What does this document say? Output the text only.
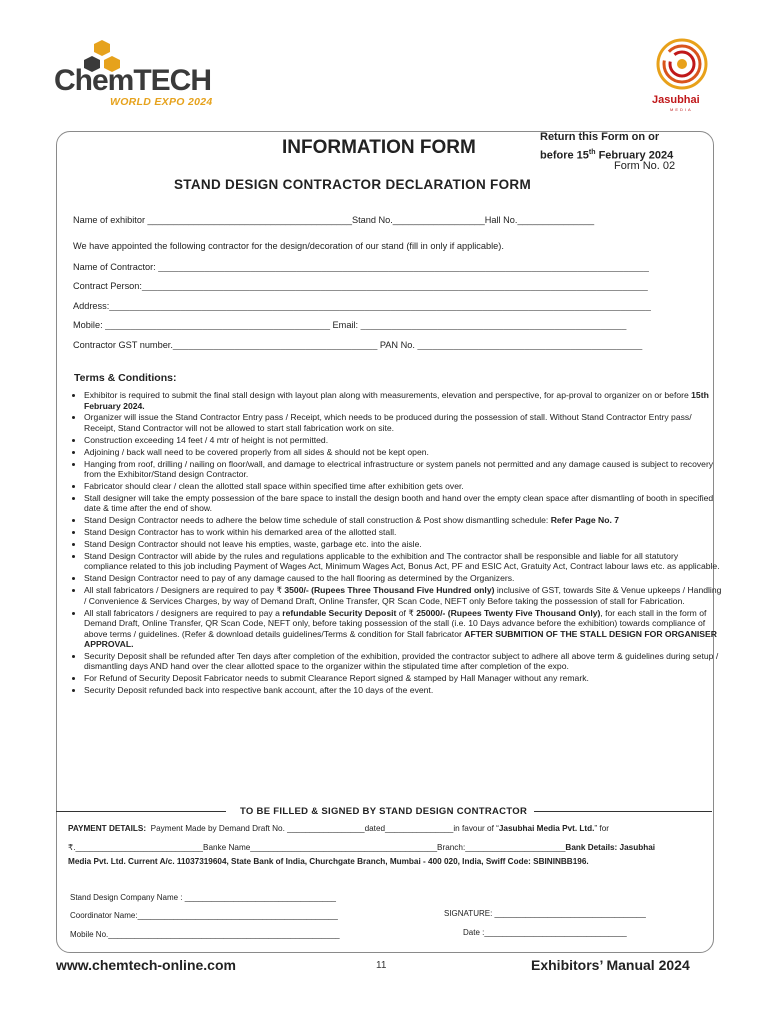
ChemTECH
WORLD EXPO 2024	Jasubhai
MEDIA
INFORMATION FORM	Return this Form on or
before 15th February 2024
Form No. 02
STAND DESIGN CONTRACTOR DECLARATION FORM
Name of exhibitor ________________________________________Stand No.__________________Hall No._______________
We have appointed the following contractor for the design/decoration of our stand (fill in only if applicable).
Name of Contractor: ________________________________________________________________________________________________
Contract Person:___________________________________________________________________________________________________
Address:__________________________________________________________________________________________________________
Mobile: ____________________________________________ Email: ____________________________________________________
Contractor GST number.________________________________________ PAN No. ____________________________________________
Terms & Conditions:
• Exhibitor is required to submit the final stall design with layout plan along with measurements, elevation and perspective, for ap-proval to organizer on or before 15th February 2024.
• Organizer will issue the Stand Contractor Entry pass / Receipt, which needs to be produced during the possession of stall. Without Stand Contractor Entry pass/ Receipt, Stand Contractor will not be allowed to start stall fabrication work on site.
• Construction exceeding 14 feet / 4 mtr of height is not permitted.
• Adjoining / back wall need to be covered properly from all sides & should not be kept open.
• Hanging from roof, drilling / nailing on floor/wall, and damage to electrical infrastructure or system panels not permitted and any damage caused is subject to recovery from the Exhibitor/Stand design Contractor.
• Fabricator should clear / clean the allotted stall space within specified time after exhibition gets over.
• Stall designer will take the empty possession of the bare space to install the design booth and hand over the empty clean space after dismantling of booth in specified date & time after the end of show.
• Stand Design Contractor needs to adhere the below time schedule of stall construction & Post show dismantling schedule: Refer Page No. 7
• Stand Design Contractor has to work within his demarked area of the allotted stall.
• Stand Design Contractor should not leave his empties, waste, garbage etc. into the aisle.
• Stand Design Contractor will abide by the rules and regulations applicable to the exhibition and The contractor shall be responsible and liable for all statutory compliance related to this job including Payment of Wages Act, Minimum Wages Act, Bonus Act, PF and ESIC Act, Gratuity Act, Contract labour laws etc. as applicable.
• Stand Design Contractor need to pay of any damage caused to the hall flooring as determined by the Organizers.
• All stall fabricators / Designers are required to pay ₹ 3500/- (Rupees Three Thousand Five Hundred only) inclusive of GST, towards Site & Venue upkeeps / Handling / Convenience & Services Charges, by way of Demand Draft, Online Transfer, QR Scan Code, NEFT only Before taking the possession of stall for Fabrication.
• All stall fabricators / designers are required to pay a refundable Security Deposit of ₹ 25000/- (Rupees Twenty Five Thousand Only), for each stall in the form of Demand Draft, Online Transfer, QR Scan Code, NEFT only, before taking possession of the stall (i.e. 10 Days advance before the exhibition) towards compliance of above terms / guidelines. (Refer & download details guidelines/Terms & condition for Stall fabricator AFTER SUBMITION OF THE STALL DESIGN FOR ORGANISER APPROVAL.
• Security Deposit shall be refunded after Ten days after completion of the exhibition, provided the contractor subject to adhere all above term & guidelines during setup / dismantling days AND hand over the clear allotted space to the organizer within the stipulated time after completion of the expo.
• For Refund of Security Deposit Fabricator needs to submit Clearance Report signed & stamped by Hall Manager without any remark.
• Security Deposit refunded back into respective bank account, after the 10 days of the event.
TO BE FILLED & SIGNED BY STAND DESIGN CONTRACTOR
PAYMENT DETAILS:  Payment Made by Demand Draft No. _________________dated_______________in favour of “Jasubhai Media Pvt. Ltd.” for
₹.____________________________Banke Name_________________________________________Branch:______________________Bank Details: Jasubhai
Media Pvt. Ltd. Current A/c. 11037319604, State Bank of India, Churchgate Branch, Mumbai - 400 020, India, Swiff Code: SBININBB196.
Stand Design Company Name : __________________________________
Coordinator Name:_____________________________________________
Mobile No.____________________________________________________
SIGNATURE: __________________________________
Date :________________________________
www.chemtech-online.com	11	Exhibitors’ Manual 2024
